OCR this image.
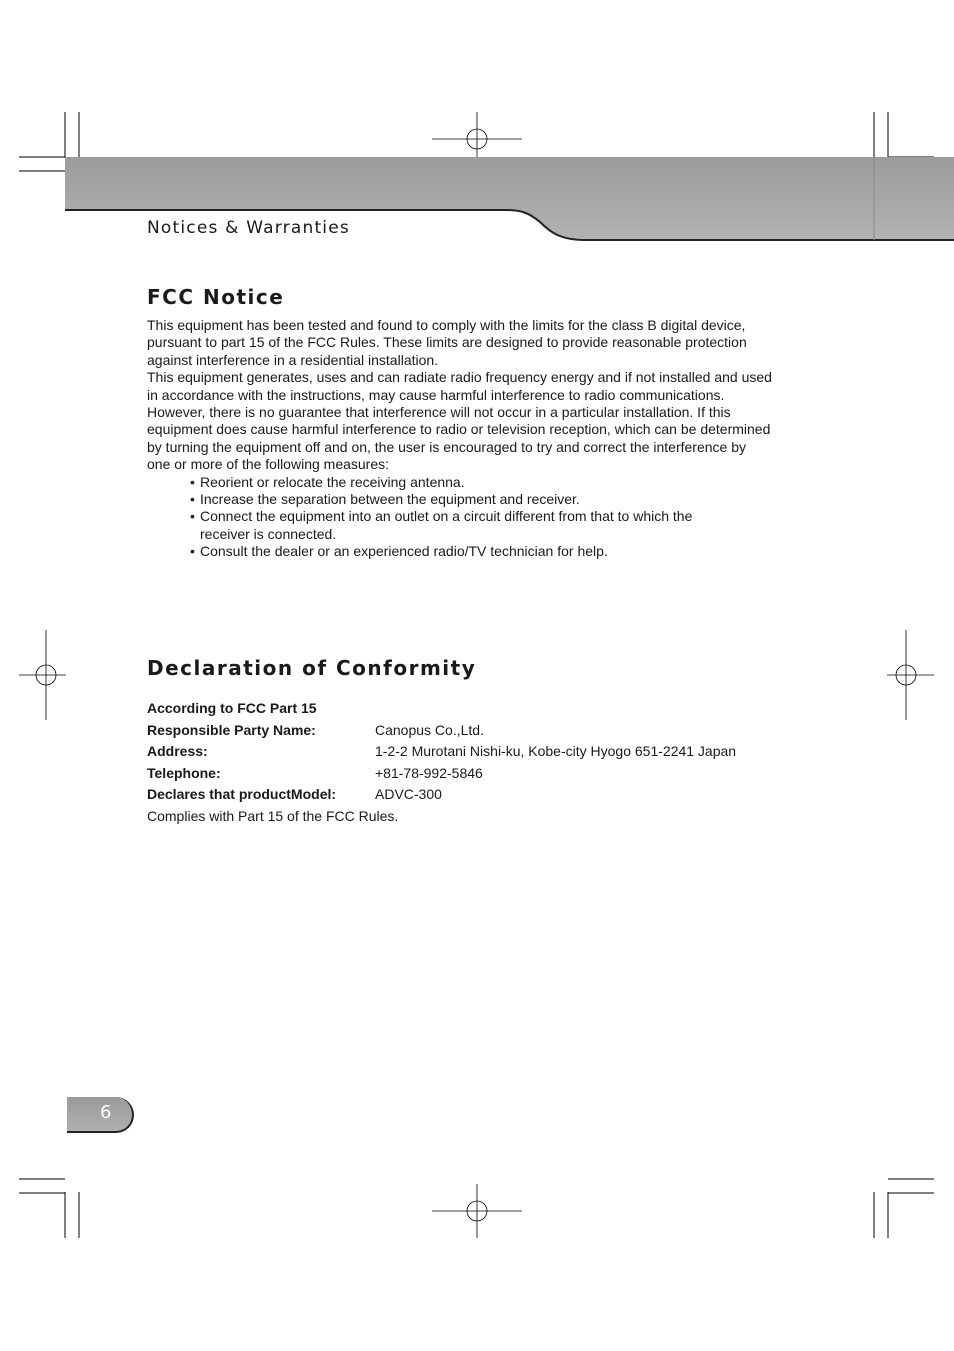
Notices & Warranties
FCC Notice

This equipment has been tested and found to comply with the limits for the class B digital device, pursuant to part 15 of the FCC Rules. These limits are designed to provide reasonable protection against interference in a residential installation.

This equipment generates, uses and can radiate radio frequency energy and if not installed and used in accordance with the instructions, may cause harmful interference to radio communications. However, there is no guarantee that interference will not occur in a particular installation. If this equipment does cause harmful interference to radio or television reception, which can be determined by turning the equipment off and on, the user is encouraged to try and correct the interference by one or more of the following measures:

• Reorient or relocate the receiving antenna.
• Increase the separation between the equipment and receiver.
• Connect the equipment into an outlet on a circuit different from that to which the receiver is connected.
• Consult the dealer or an experienced radio/TV technician for help.
Declaration of Conformity
According to FCC Part 15
Responsible Party Name:	Canopus Co.,Ltd.
Address:	1-2-2 Murotani Nishi-ku, Kobe-city Hyogo 651-2241 Japan
Telephone:	+81-78-992-5846
Declares that productModel:	ADVC-300
Complies with Part 15 of the FCC Rules.
6
